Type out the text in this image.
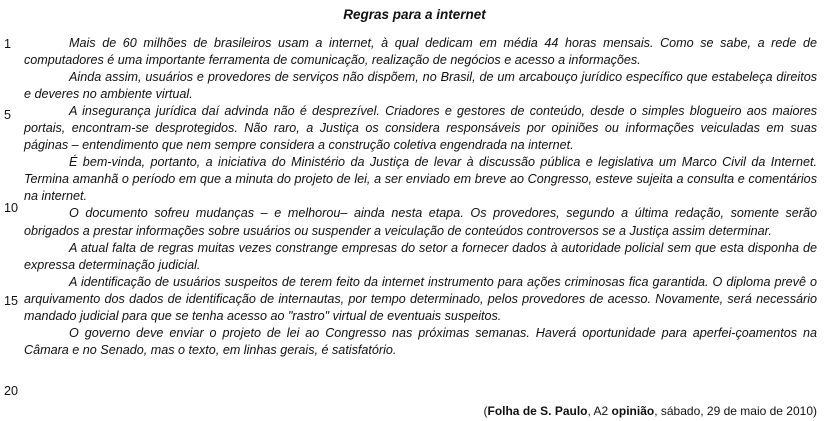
Regras para a internet
1
5
10
15
20

Mais de 60 milhões de brasileiros usam a internet, à qual dedicam em média 44 horas mensais. Como se sabe, a rede de computadores é uma importante ferramenta de comunicação, realização de negócios e acesso a informações.

Ainda assim, usuários e provedores de serviços não dispõem, no Brasil, de um arcabouço jurídico específico que estabeleça direitos e deveres no ambiente virtual.

A insegurança jurídica daí advinda não é desprezível. Criadores e gestores de conteúdo, desde o simples blogueiro aos maiores portais, encontram-se desprotegidos. Não raro, a Justiça os considera responsáveis por opiniões ou informações veiculadas em suas páginas – entendimento que nem sempre considera a construção coletiva engendrada na internet.

É bem-vinda, portanto, a iniciativa do Ministério da Justiça de levar à discussão pública e legislativa um Marco Civil da Internet. Termina amanhã o período em que a minuta do projeto de lei, a ser enviado em breve ao Congresso, esteve sujeita a consulta e comentários na internet.

O documento sofreu mudanças – e melhorou– ainda nesta etapa. Os provedores, segundo a última redação, somente serão obrigados a prestar informações sobre usuários ou suspender a veiculação de conteúdos controversos se a Justiça assim determinar.

A atual falta de regras muitas vezes constrange empresas do setor a fornecer dados à autoridade policial sem que esta disponha de expressa determinação judicial.

A identificação de usuários suspeitos de terem feito da internet instrumento para ações criminosas fica garantida. O diploma prevê o arquivamento dos dados de identificação de internautas, por tempo determinado, pelos provedores de acesso. Novamente, será necessário mandado judicial para que se tenha acesso ao "rastro" virtual de eventuais suspeitos.

O governo deve enviar o projeto de lei ao Congresso nas próximas semanas. Haverá oportunidade para aperfei-çoamentos na Câmara e no Senado, mas o texto, em linhas gerais, é satisfatório.

(Folha de S. Paulo, A2 opinião, sábado, 29 de maio de 2010)
